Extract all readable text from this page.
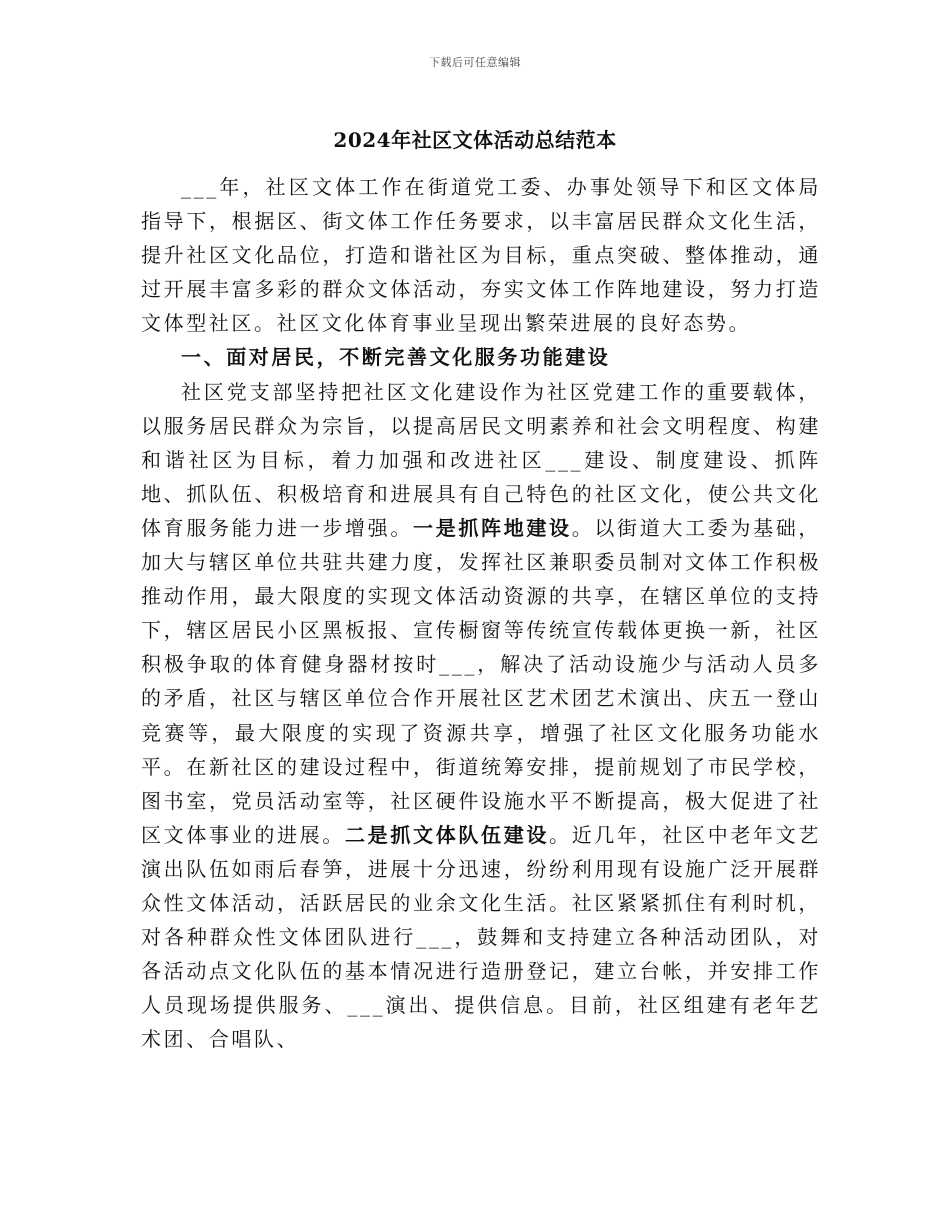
下载后可任意编辑
2024年社区文体活动总结范本

___年，社区文体工作在街道党工委、办事处领导下和区文体局指导下，根据区、街文体工作任务要求，以丰富居民群众文化生活，提升社区文化品位，打造和谐社区为目标，重点突破、整体推动，通过开展丰富多彩的群众文体活动，夯实文体工作阵地建设，努力打造文体型社区。社区文化体育事业呈现出繁荣进展的良好态势。

一、面对居民，不断完善文化服务功能建设

社区党支部坚持把社区文化建设作为社区党建工作的重要载体，以服务居民群众为宗旨，以提高居民文明素养和社会文明程度、构建和谐社区为目标，着力加强和改进社区___建设、制度建设、抓阵地、抓队伍、积极培育和进展具有自己特色的社区文化，使公共文化体育服务能力进一步增强。一是抓阵地建设。以街道大工委为基础，加大与辖区单位共驻共建力度，发挥社区兼职委员制对文体工作积极推动作用，最大限度的实现文体活动资源的共享，在辖区单位的支持下，辖区居民小区黑板报、宣传橱窗等传统宣传载体更换一新，社区积极争取的体育健身器材按时___，解决了活动设施少与活动人员多的矛盾，社区与辖区单位合作开展社区艺术团艺术演出、庆五一登山竞赛等，最大限度的实现了资源共享，增强了社区文化服务功能水平。在新社区的建设过程中，街道统筹安排，提前规划了市民学校，图书室，党员活动室等，社区硬件设施水平不断提高，极大促进了社区文体事业的进展。二是抓文体队伍建设。近几年，社区中老年文艺演出队伍如雨后春笋，进展十分迅速，纷纷利用现有设施广泛开展群众性文体活动，活跃居民的业余文化生活。社区紧紧抓住有利时机，对各种群众性文体团队进行___，鼓舞和支持建立各种活动团队，对各活动点文化队伍的基本情况进行造册登记，建立台帐，并安排工作人员现场提供服务、___演出、提供信息。目前，社区组建有老年艺术团、合唱队、
